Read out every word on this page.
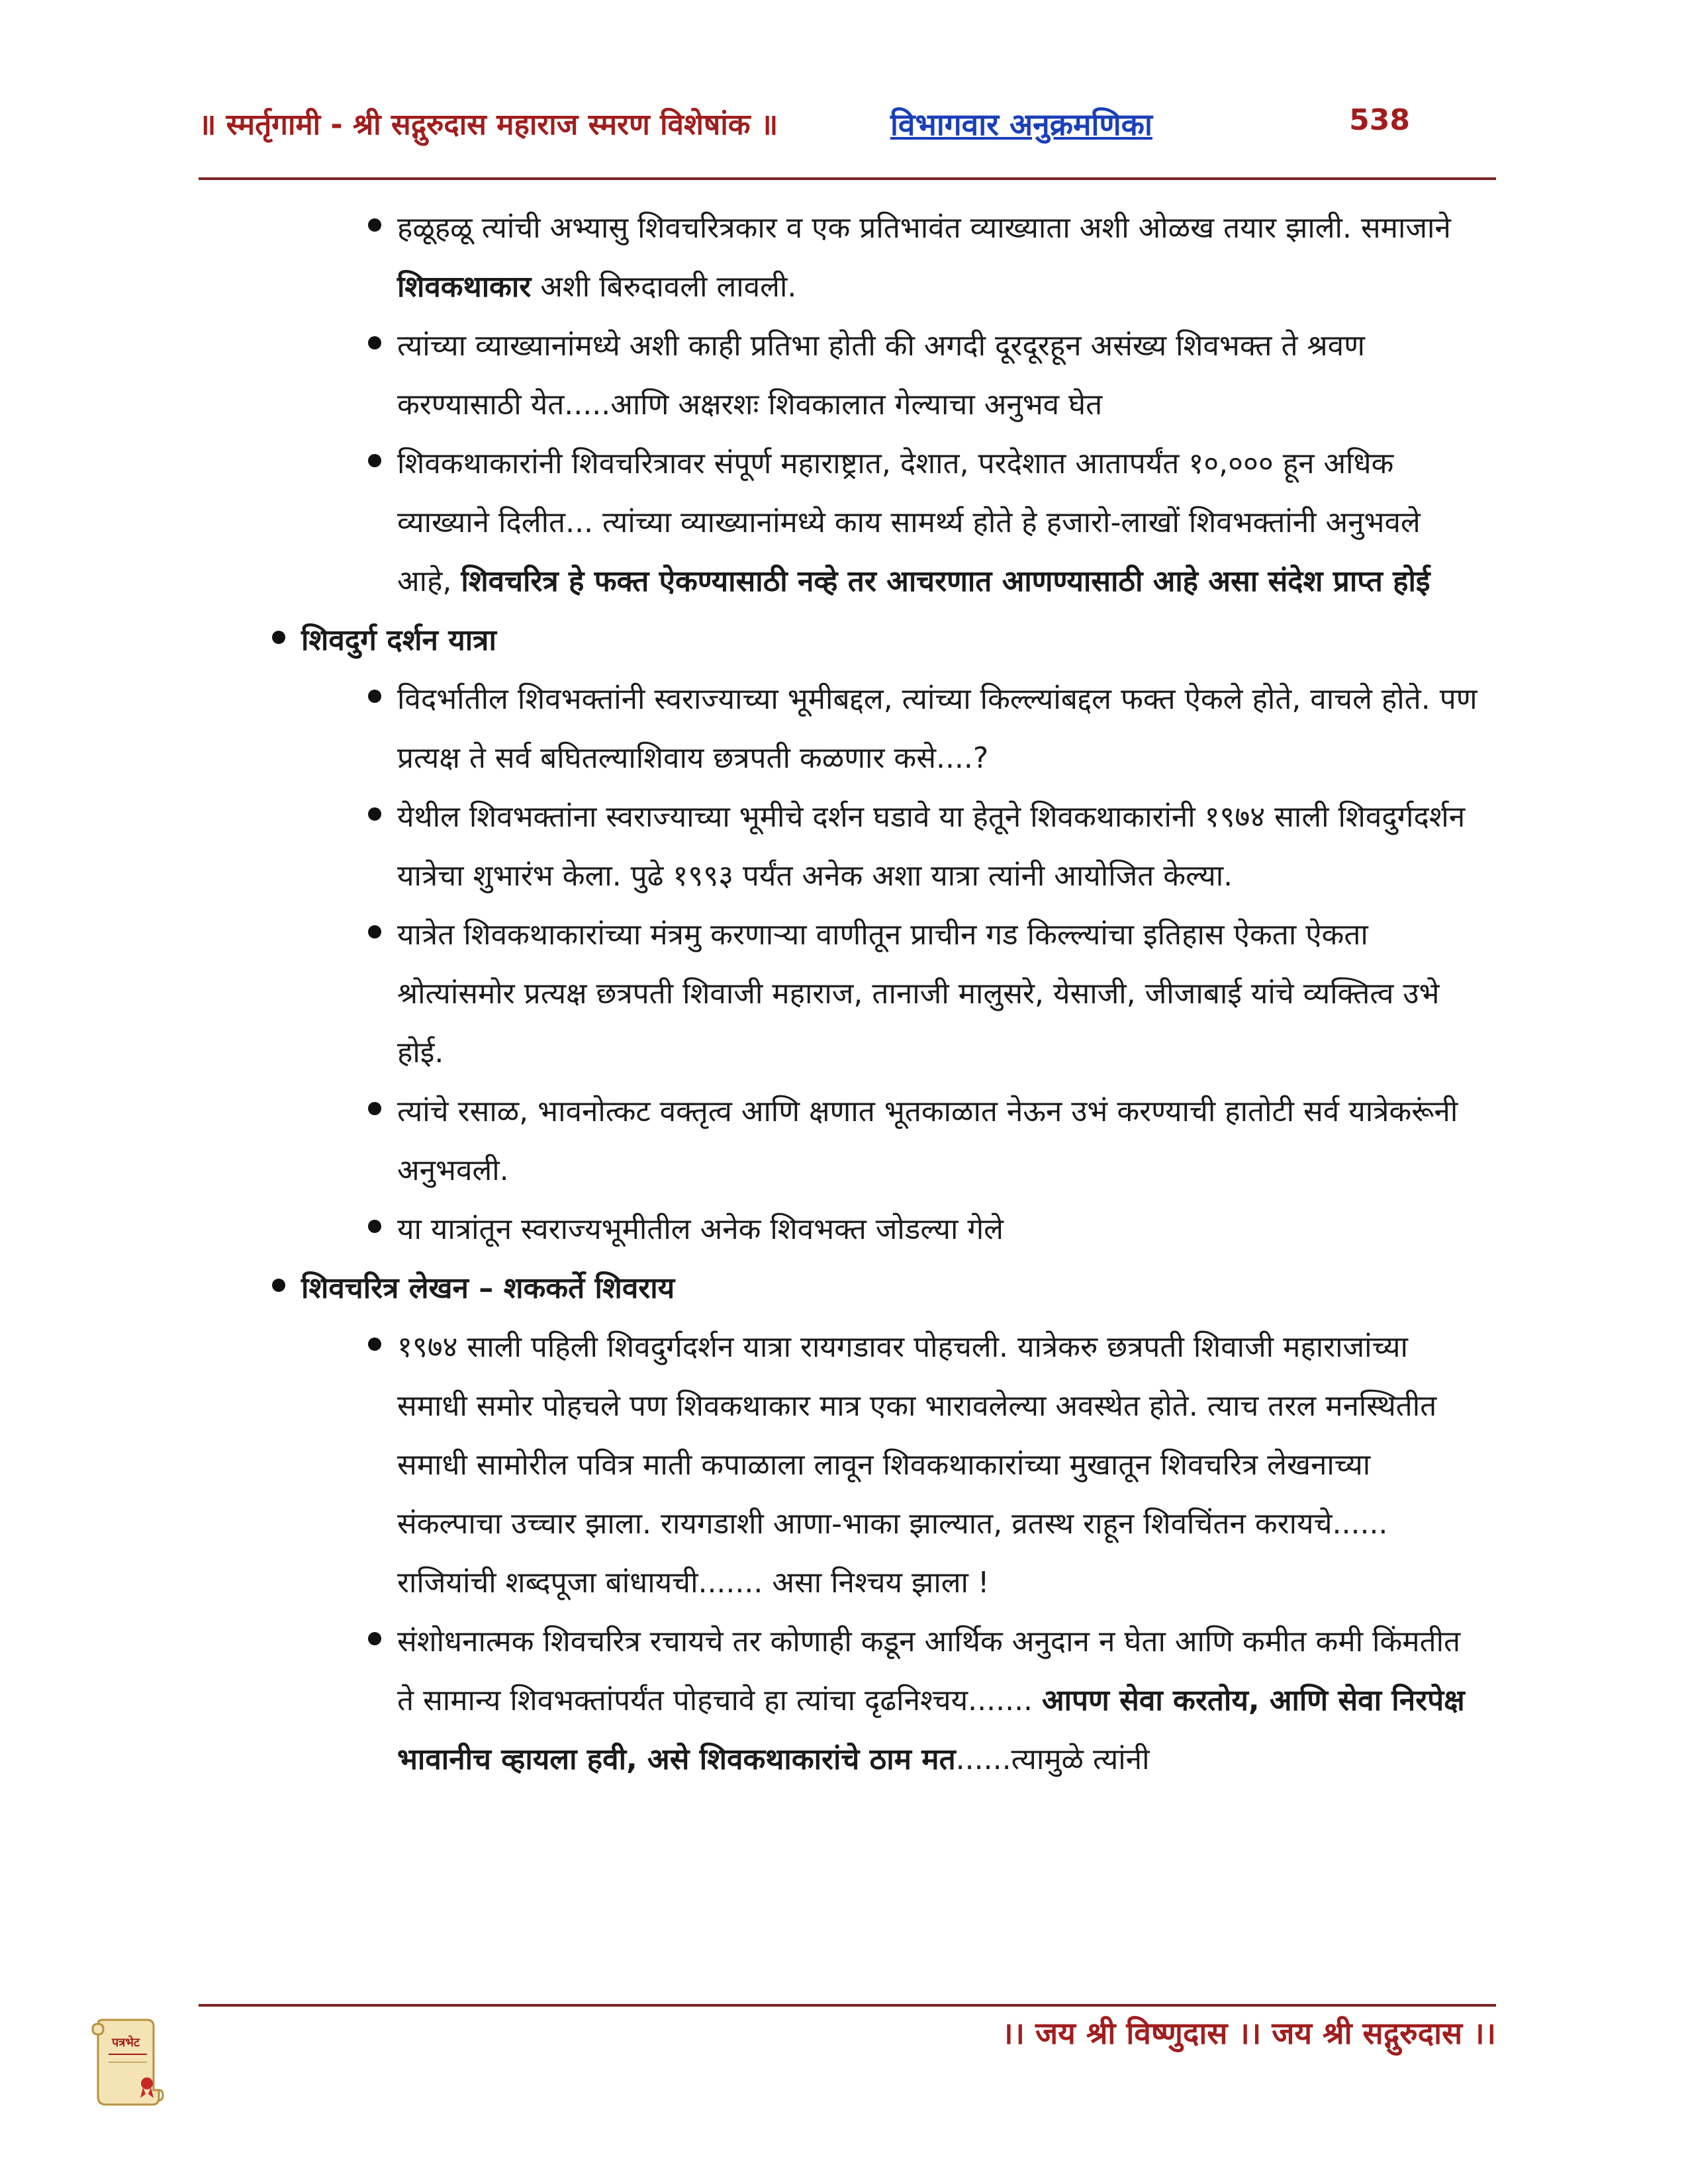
॥ स्मर्तृगामी - श्री सद्गुरुदास महाराज स्मरण विशेषांक ॥	विभागवार अनुक्रमणिका	538

हळूहळू त्यांची अभ्यासु शिवचरित्रकार व एक प्रतिभावंत व्याख्याता अशी ओळख तयार झाली. समाजाने शिवकथाकार अशी बिरुदावली लावली.

त्यांच्या व्याख्यानांमध्ये अशी काही प्रतिभा होती की अगदी दूरदूरहून असंख्य शिवभक्त ते श्रवण करण्यासाठी येत.....आणि अक्षरशः शिवकालात गेल्याचा अनुभव घेत

शिवकथाकारांनी शिवचरित्रावर संपूर्ण महाराष्ट्रात, देशात, परदेशात आतापर्यंत १०,००० हून अधिक व्याख्याने दिलीत... त्यांच्या व्याख्यानांमध्ये काय सामर्थ्य होते हे हजारो-लाखों शिवभक्तांनी अनुभवले आहे, शिवचरित्र हे फक्त ऐकण्यासाठी नव्हे तर आचरणात आणण्यासाठी आहे असा संदेश प्राप्त होई

शिवदुर्ग दर्शन यात्रा

विदर्भातील शिवभक्तांनी स्वराज्याच्या भूमीबद्दल, त्यांच्या किल्ल्यांबद्दल फक्त ऐकले होते, वाचले होते. पण प्रत्यक्ष ते सर्व बघितल्याशिवाय छत्रपती कळणार कसे....?

येथील शिवभक्तांना स्वराज्याच्या भूमीचे दर्शन घडावे या हेतूने शिवकथाकारांनी १९७४ साली शिवदुर्गदर्शन यात्रेचा शुभारंभ केला. पुढे १९९३ पर्यंत अनेक अशा यात्रा त्यांनी आयोजित केल्या.

यात्रेत शिवकथाकारांच्या मंत्रमु करणाऱ्या वाणीतून प्राचीन गड किल्ल्यांचा इतिहास ऐकता ऐकता श्रोत्यांसमोर प्रत्यक्ष छत्रपती शिवाजी महाराज, तानाजी मालुसरे, येसाजी, जीजाबाई यांचे व्यक्तित्व उभे होई.

त्यांचे रसाळ, भावनोत्कट वक्तृत्व आणि क्षणात भूतकाळात नेऊन उभं करण्याची हातोटी सर्व यात्रेकरूंनी अनुभवली.

या यात्रांतून स्वराज्यभूमीतील अनेक शिवभक्त जोडल्या गेले

शिवचरित्र लेखन – शककर्ते शिवराय

१९७४ साली पहिली शिवदुर्गदर्शन यात्रा रायगडावर पोहचली. यात्रेकरु छत्रपती शिवाजी महाराजांच्या समाधी समोर पोहचले पण शिवकथाकार मात्र एका भारावलेल्या अवस्थेत होते. त्याच तरल मनस्थितीत समाधी सामोरील पवित्र माती कपाळाला लावून शिवकथाकारांच्या मुखातून शिवचरित्र लेखनाच्या संकल्पाचा उच्चार झाला. रायगडाशी आणा-भाका झाल्यात, व्रतस्थ राहून शिवचिंतन करायचे...... राजियांची शब्दपूजा बांधायची....... असा निश्चय झाला !

संशोधनात्मक शिवचरित्र रचायचे तर कोणाही कडून आर्थिक अनुदान न घेता आणि कमीत कमी किंमतीत ते सामान्य शिवभक्तांपर्यंत पोहचावे हा त्यांचा दृढनिश्चय....... आपण सेवा करतोय, आणि सेवा निरपेक्ष भावानीच व्हायला हवी, असे शिवकथाकारांचे ठाम मत......त्यामुळे त्यांनी

पत्रभेट	।। जय श्री विष्णुदास ।। जय श्री सद्गुरुदास ।।
